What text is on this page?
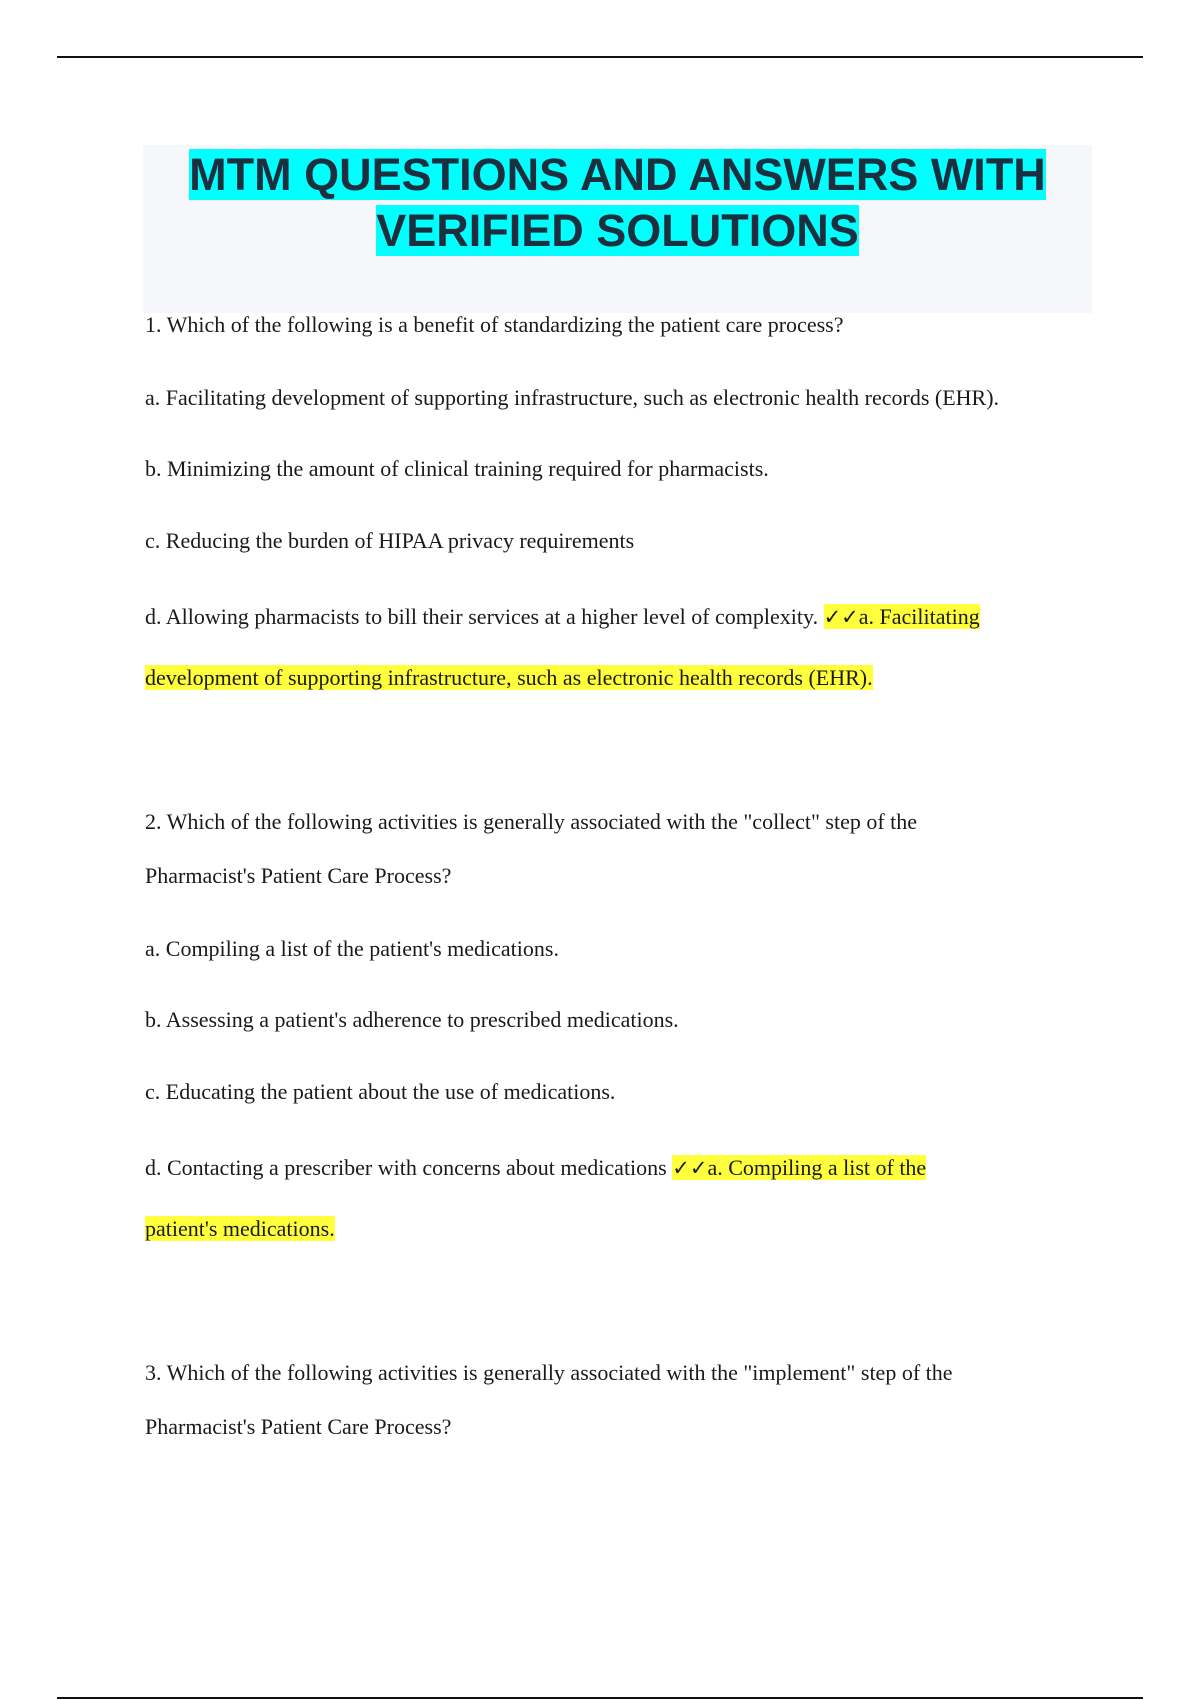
MTM QUESTIONS AND ANSWERS WITH
VERIFIED SOLUTIONS

1. Which of the following is a benefit of standardizing the patient care process?

a. Facilitating development of supporting infrastructure, such as electronic health records (EHR).

b. Minimizing the amount of clinical training required for pharmacists.

c. Reducing the burden of HIPAA privacy requirements

d. Allowing pharmacists to bill their services at a higher level of complexity. ✓✓a. Facilitating

development of supporting infrastructure, such as electronic health records (EHR).

2. Which of the following activities is generally associated with the "collect" step of the

Pharmacist's Patient Care Process?

a. Compiling a list of the patient's medications.

b. Assessing a patient's adherence to prescribed medications.

c. Educating the patient about the use of medications.

d. Contacting a prescriber with concerns about medications ✓✓a. Compiling a list of the

patient's medications.

3. Which of the following activities is generally associated with the "implement" step of the

Pharmacist's Patient Care Process?
